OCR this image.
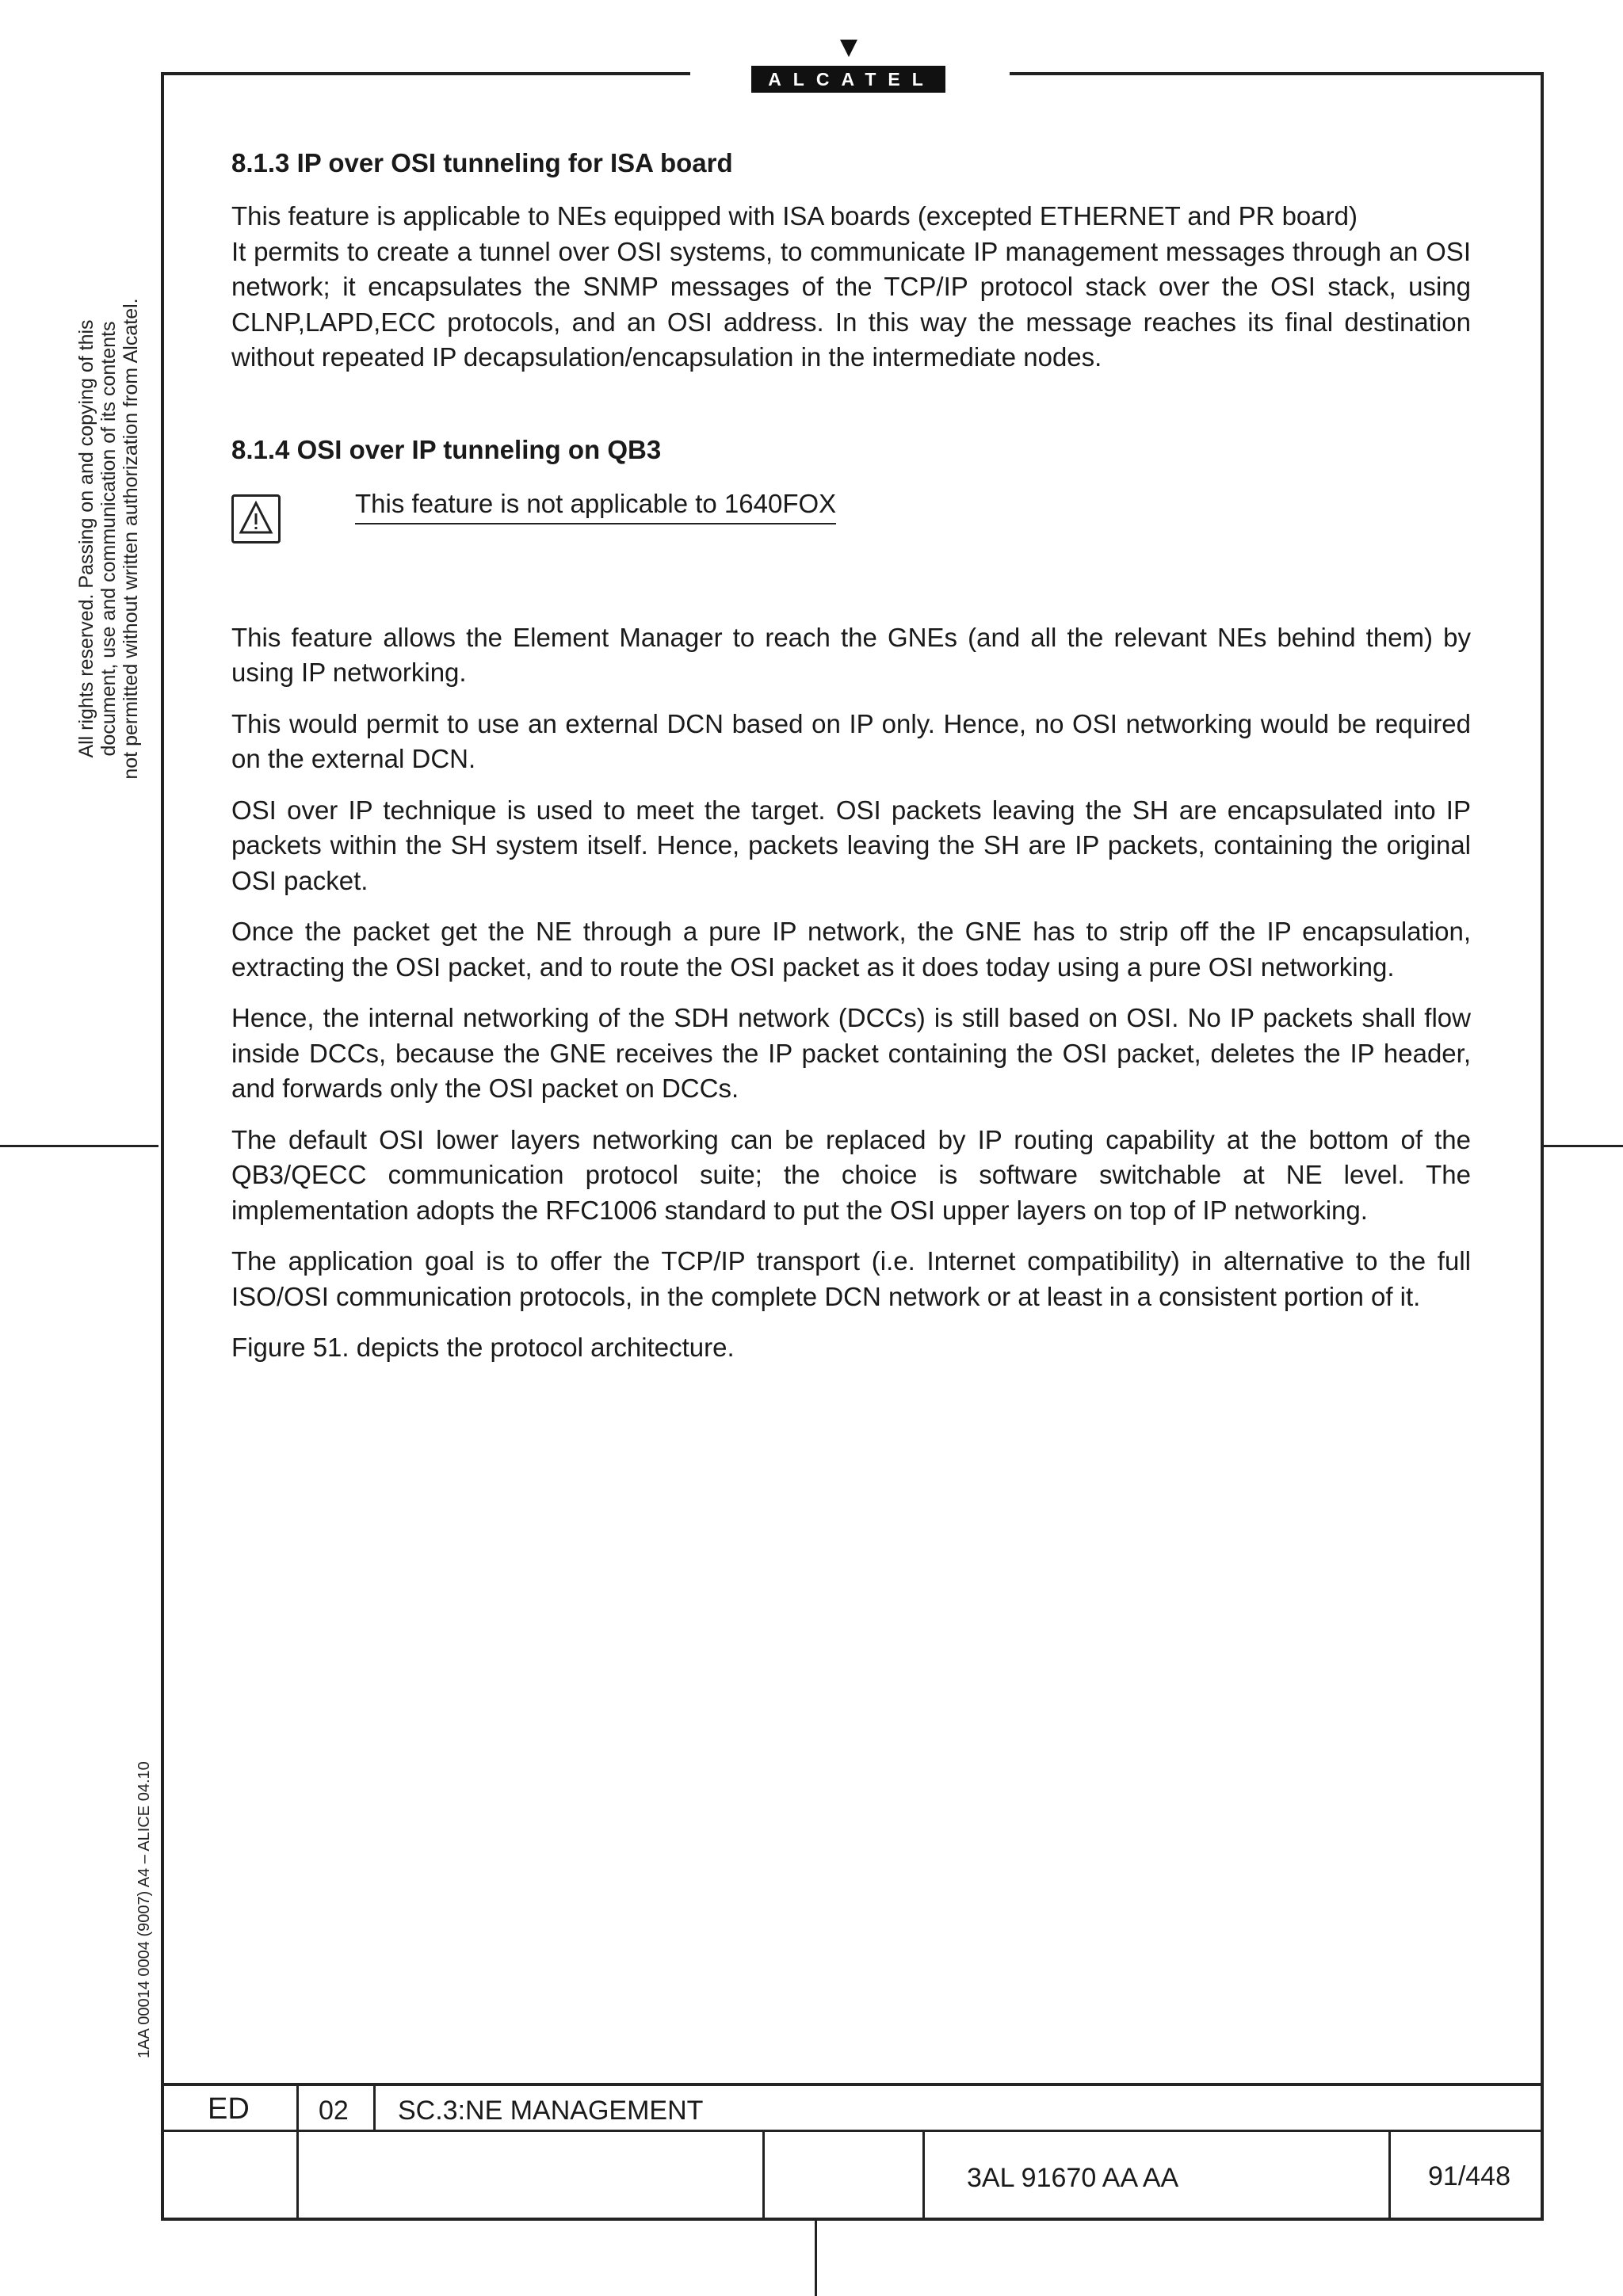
ALCATEL
All rights reserved. Passing on and copying of this document, use and communication of its contents not permitted without written authorization from Alcatel.
1AA 00014 0004 (9007) A4 – ALICE 04.10
8.1.3 IP over OSI tunneling for ISA board
This feature is applicable to NEs equipped with ISA boards (excepted ETHERNET and PR board)
It permits to create a tunnel over OSI systems, to communicate IP management messages through an OSI network; it encapsulates the SNMP messages of the TCP/IP protocol stack over the OSI stack, using CLNP,LAPD,ECC protocols, and an OSI address. In this way the message reaches its final destination without repeated IP decapsulation/encapsulation in the intermediate nodes.
8.1.4 OSI over IP tunneling on QB3
This feature is not applicable to 1640FOX

This feature allows the Element Manager to reach the GNEs (and all the relevant NEs behind them) by using IP networking.

This would permit to use an external DCN based on IP only. Hence, no OSI networking would be required on the external DCN.

OSI over IP technique is used to meet the target. OSI packets leaving the SH are encapsulated into IP packets within the SH system itself. Hence, packets leaving the SH are IP packets, containing the original OSI packet.

Once the packet get the NE through a pure IP network, the GNE has to strip off the IP encapsulation, extracting the OSI packet, and to route the OSI packet as it does today using a pure OSI networking.

Hence, the internal networking of the SDH network (DCCs) is still based on OSI. No IP packets shall flow inside DCCs, because the GNE receives the IP packet containing the OSI packet, deletes the IP header, and forwards only the OSI packet on DCCs.

The default OSI lower layers networking can be replaced by IP routing capability at the bottom of the QB3/QECC communication protocol suite; the choice is software switchable at NE level. The implementation adopts the RFC1006 standard to put the OSI upper layers on top of IP networking.

The application goal is to offer the TCP/IP transport (i.e. Internet compatibility) in alternative to the full ISO/OSI communication protocols, in the complete DCN network or at least in a consistent portion of it.

Figure 51. depicts the protocol architecture.

ED	02 SC.3:NE MANAGEMENT
3AL 91670 AA AA	91/448
